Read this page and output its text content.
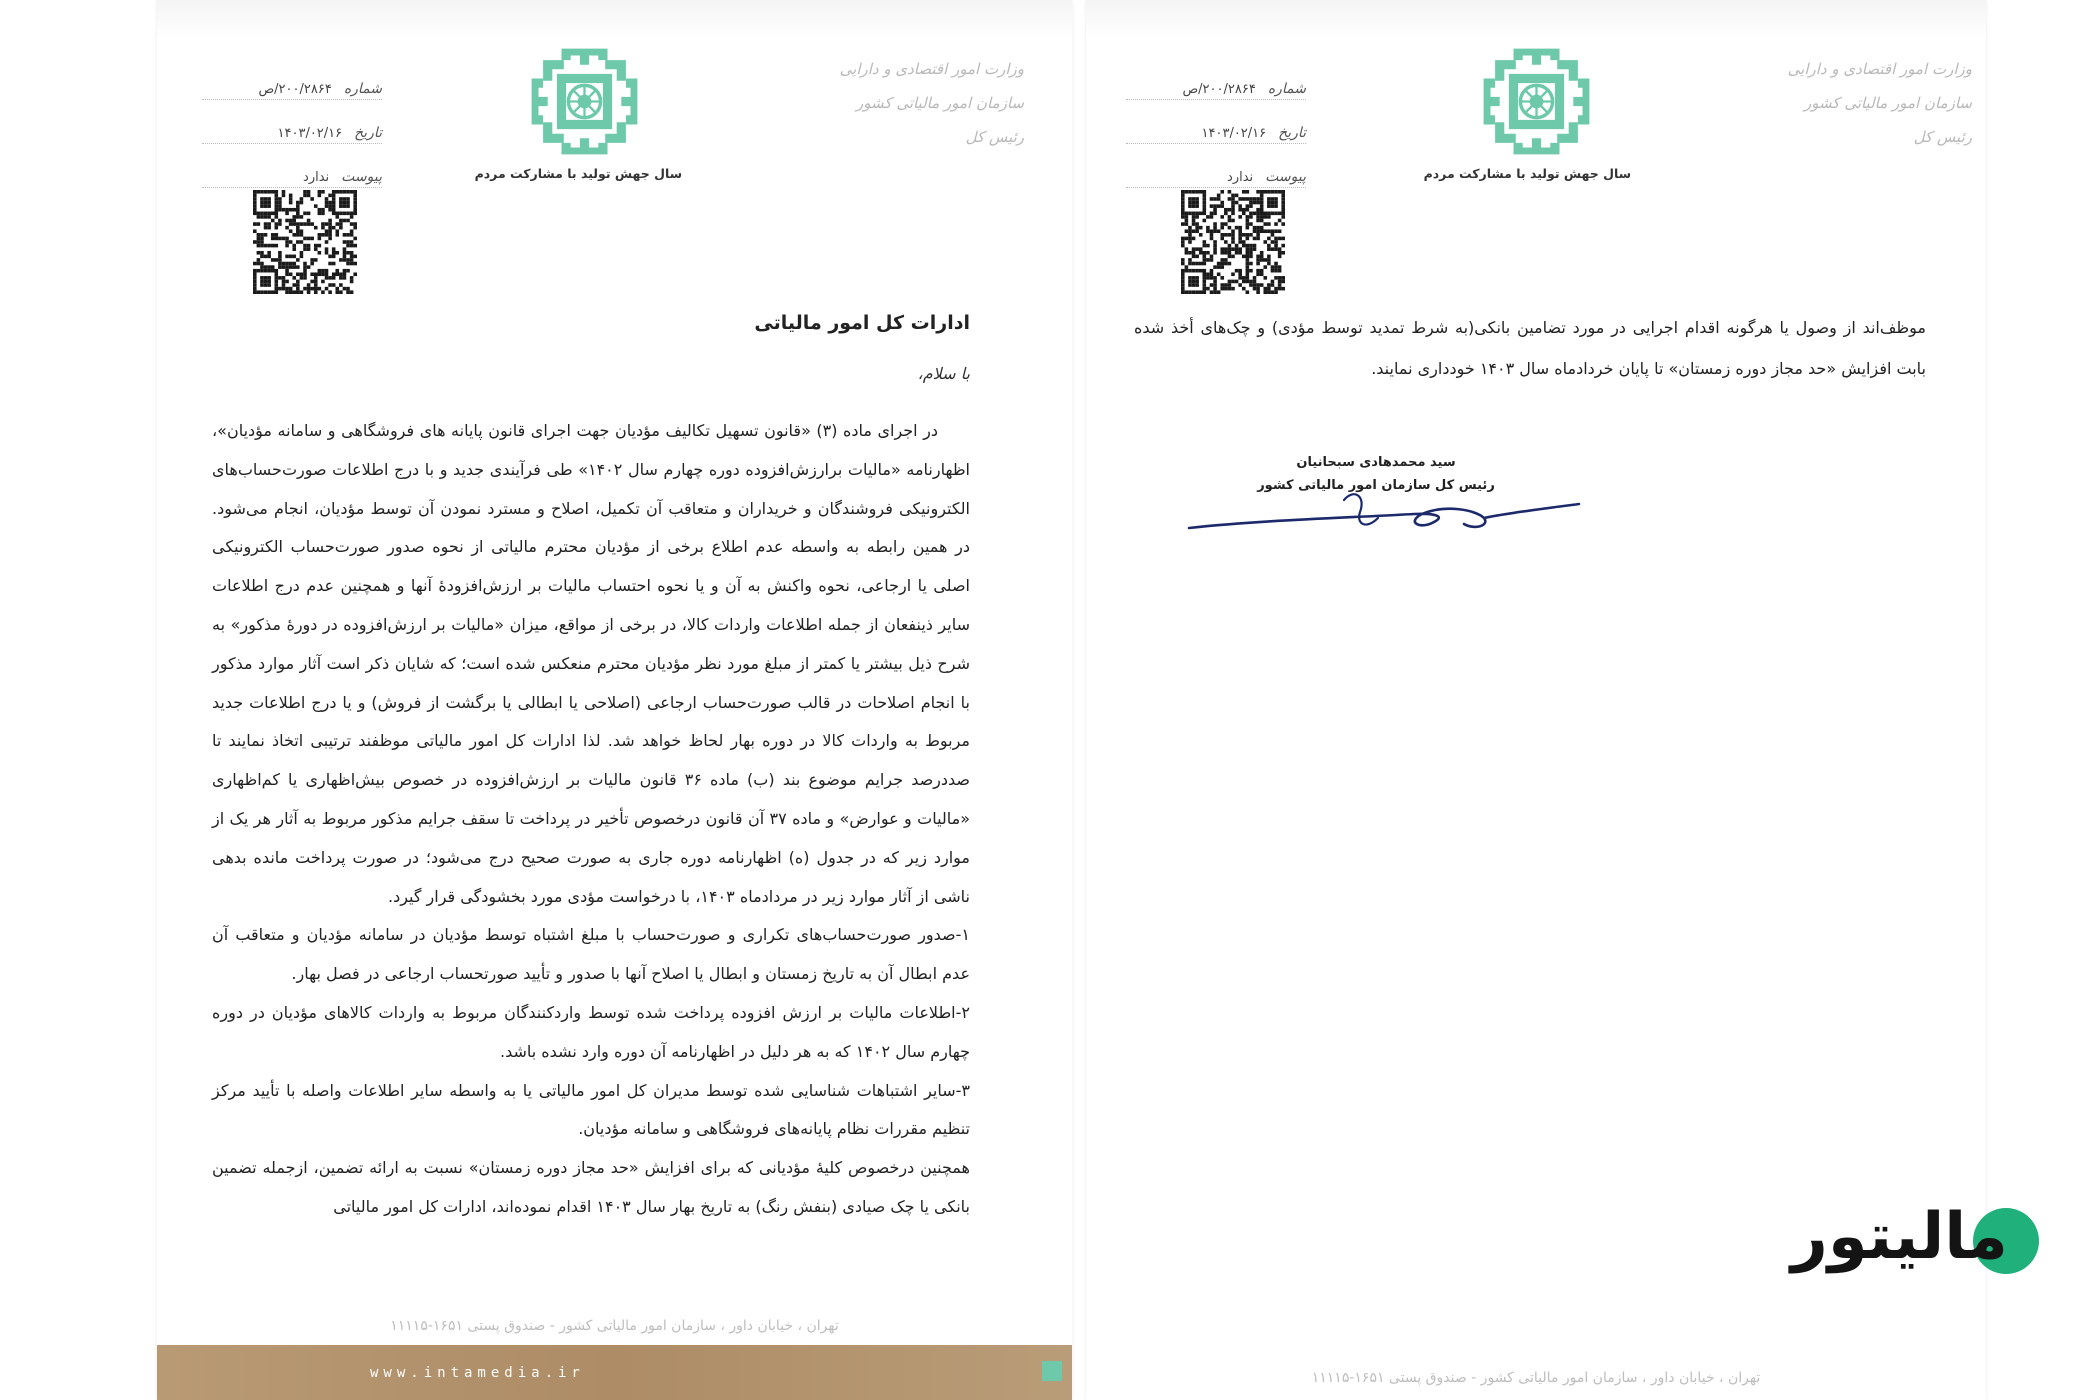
وزارت امور اقتصادی و دارایی
سازمان امور مالیاتی کشور
رئیس کل
سال جهش تولید با مشارکت مردم
شماره
۲۰۰/۲۸۶۴/ص
تاریخ
۱۴۰۳/۰۲/۱۶
پیوست
ندارد
ادارات کل امور مالیاتی
با سلام،

در اجرای ماده (۳) «قانون تسهیل تکالیف مؤدیان جهت اجرای قانون پایانه های فروشگاهی و سامانه مؤدیان»، اظهارنامه «مالیات برارزش‌افزوده دوره چهارم سال ۱۴۰۲» طی فرآیندی جدید و با درج اطلاعات صورت‌حساب‌های الکترونیکی فروشندگان و خریداران و متعاقب آن تکمیل، اصلاح و مسترد نمودن آن توسط مؤدیان، انجام می‌شود. در همین رابطه به واسطه عدم اطلاع برخی از مؤدیان محترم مالیاتی از نحوه صدور صورت‌حساب الکترونیکی اصلی یا ارجاعی، نحوه واکنش به آن و یا نحوه احتساب مالیات بر ارزش‌افزودهٔ آنها و همچنین عدم درج اطلاعات سایر ذینفعان از جمله اطلاعات واردات کالا، در برخی از مواقع، میزان «مالیات بر ارزش‌افزوده در دورهٔ مذکور» به شرح ذیل بیشتر یا کمتر از مبلغ مورد نظر مؤدیان محترم منعکس شده است؛ که شایان ذکر است آثار موارد مذکور با انجام اصلاحات در قالب صورت‌حساب ارجاعی (اصلاحی یا ابطالی یا برگشت از فروش) و یا درج اطلاعات جدید مربوط به واردات کالا در دوره بهار لحاظ خواهد شد. لذا ادارات کل امور مالیاتی موظفند ترتیبی اتخاذ نمایند تا صددرصد جرایم موضوع بند (ب) ماده ۳۶ قانون مالیات بر ارزش‌افزوده در خصوص بیش‌اظهاری یا کم‌اظهاری «مالیات و عوارض» و ماده ۳۷ آن قانون درخصوص تأخیر در پرداخت تا سقف جرایم مذکور مربوط به آثار هر یک از موارد زیر که در جدول (ه) اظهارنامه دوره جاری به صورت صحیح درج می‌شود؛ در صورت پرداخت مانده بدهی ناشی از آثار موارد زیر در مردادماه ۱۴۰۳، با درخواست مؤدی مورد بخشودگی قرار گیرد.

۱-صدور صورت‌حساب‌های تکراری و صورت‌حساب با مبلغ اشتباه توسط مؤدیان در سامانه مؤدیان و متعاقب آن عدم ابطال آن به تاریخ زمستان و ابطال یا اصلاح آنها با صدور و تأیید صورتحساب ارجاعی در فصل بهار.

۲-اطلاعات مالیات بر ارزش افزوده پرداخت شده توسط واردکنندگان مربوط به واردات کالاهای مؤدیان در دوره چهارم سال ۱۴۰۲ که به هر دلیل در اظهارنامه آن دوره وارد نشده باشد.

۳-سایر اشتباهات شناسایی شده توسط مدیران کل امور مالیاتی یا به واسطه سایر اطلاعات واصله با تأیید مرکز تنظیم مقررات نظام پایانه‌های فروشگاهی و سامانه مؤدیان.

همچنین درخصوص کلیهٔ مؤدیانی که برای افزایش «حد مجاز دوره زمستان» نسبت به ارائه تضمین، ازجمله تضمین بانکی یا چک صیادی (بنفش رنگ) به تاریخ بهار سال ۱۴۰۳ اقدام نموده‌اند، ادارات کل امور مالیاتی

تهران ، خیابان داور ، سازمان امور مالیاتی کشور - صندوق پستی ۱۶۵۱-۱۱۱۱۵
www.intamedia.ir
وزارت امور اقتصادی و دارایی
سازمان امور مالیاتی کشور
رئیس کل
سال جهش تولید با مشارکت مردم
شماره
۲۰۰/۲۸۶۴/ص
تاریخ
۱۴۰۳/۰۲/۱۶
پیوست
ندارد

موظف‌اند از وصول یا هرگونه اقدام اجرایی در مورد تضامین بانکی(به شرط تمدید توسط مؤدی) و چک‌های أخذ شده بابت افزایش «حد مجاز دوره زمستان» تا پایان خردادماه سال ۱۴۰۳ خودداری نمایند.

سید محمدهادی سبحانیان
رئیس کل سازمان امور مالیاتی کشور
تهران ، خیابان داور ، سازمان امور مالیاتی کشور - صندوق پستی ۱۶۵۱-۱۱۱۱۵
مالیتور
